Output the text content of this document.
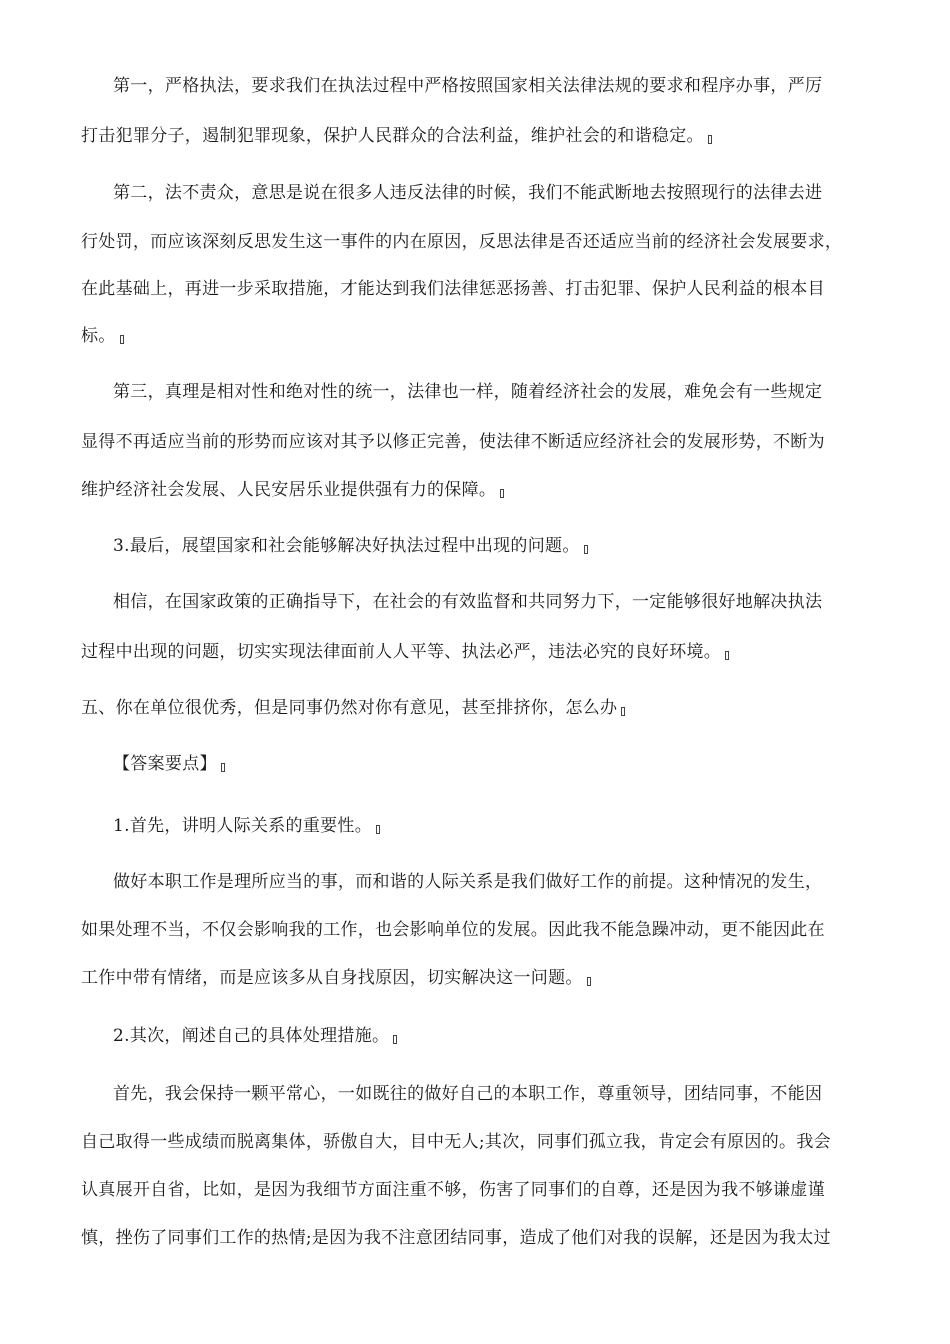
第一，严格执法，要求我们在执法过程中严格按照国家相关法律法规的要求和程序办事，严厉
打击犯罪分子，遏制犯罪现象，保护人民群众的合法利益，维护社会的和谐稳定。
第二，法不责众，意思是说在很多人违反法律的时候，我们不能武断地去按照现行的法律去进
行处罚，而应该深刻反思发生这一事件的内在原因，反思法律是否还适应当前的经济社会发展要求，
在此基础上，再进一步采取措施，才能达到我们法律惩恶扬善、打击犯罪、保护人民利益的根本目
标。
第三，真理是相对性和绝对性的统一，法律也一样，随着经济社会的发展，难免会有一些规定
显得不再适应当前的形势而应该对其予以修正完善，使法律不断适应经济社会的发展形势，不断为
维护经济社会发展、人民安居乐业提供强有力的保障。
3.最后，展望国家和社会能够解决好执法过程中出现的问题。
相信，在国家政策的正确指导下，在社会的有效监督和共同努力下，一定能够很好地解决执法
过程中出现的问题，切实实现法律面前人人平等、执法必严，违法必究的良好环境。
五、你在单位很优秀，但是同事仍然对你有意见，甚至排挤你，怎么办
【答案要点】
1.首先，讲明人际关系的重要性。
做好本职工作是理所应当的事，而和谐的人际关系是我们做好工作的前提。这种情况的发生，
如果处理不当，不仅会影响我的工作，也会影响单位的发展。因此我不能急躁冲动，更不能因此在
工作中带有情绪，而是应该多从自身找原因，切实解决这一问题。
2.其次，阐述自己的具体处理措施。
首先，我会保持一颗平常心，一如既往的做好自己的本职工作，尊重领导，团结同事，不能因
自己取得一些成绩而脱离集体，骄傲自大，目中无人;其次，同事们孤立我，肯定会有原因的。我会
认真展开自省，比如，是因为我细节方面注重不够，伤害了同事们的自尊，还是因为我不够谦虚谨
慎，挫伤了同事们工作的热情;是因为我不注意团结同事，造成了他们对我的误解，还是因为我太过
